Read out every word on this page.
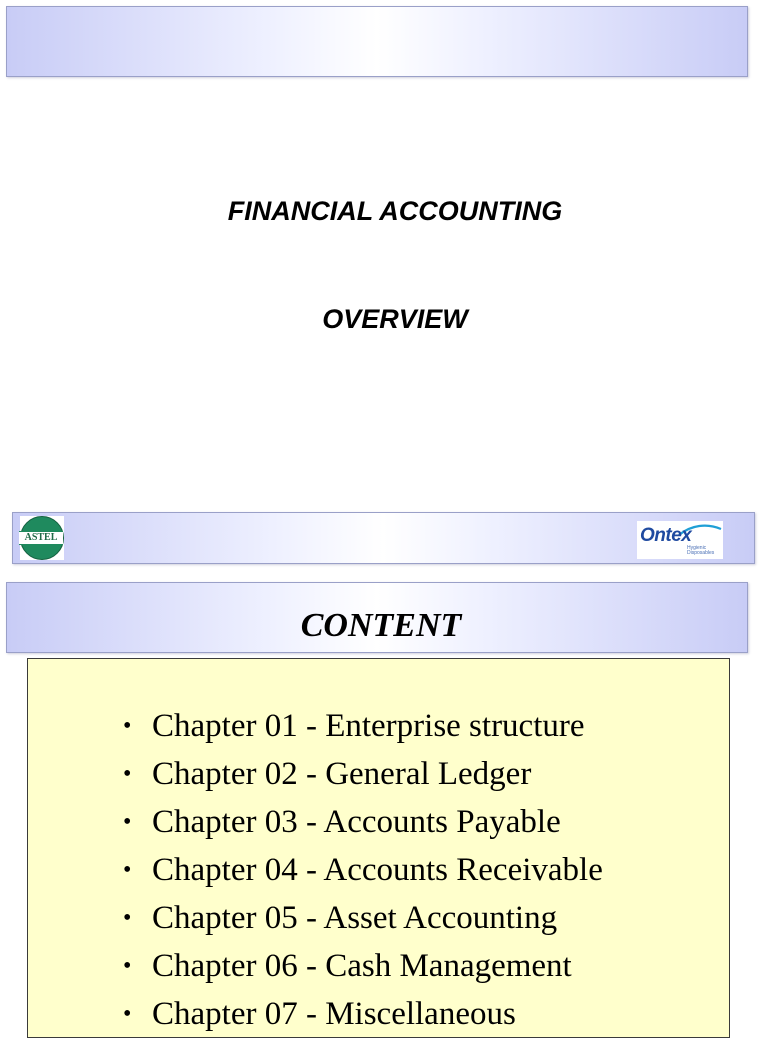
FINANCIAL ACCOUNTING
OVERVIEW
ASTEL	Ontex
Hygienic
Disposables
CONTENT
• Chapter 01 - Enterprise structure
• Chapter 02 - General Ledger
• Chapter 03 - Accounts Payable
• Chapter 04 - Accounts Receivable
• Chapter 05 - Asset Accounting
• Chapter 06 - Cash Management
• Chapter 07 - Miscellaneous
